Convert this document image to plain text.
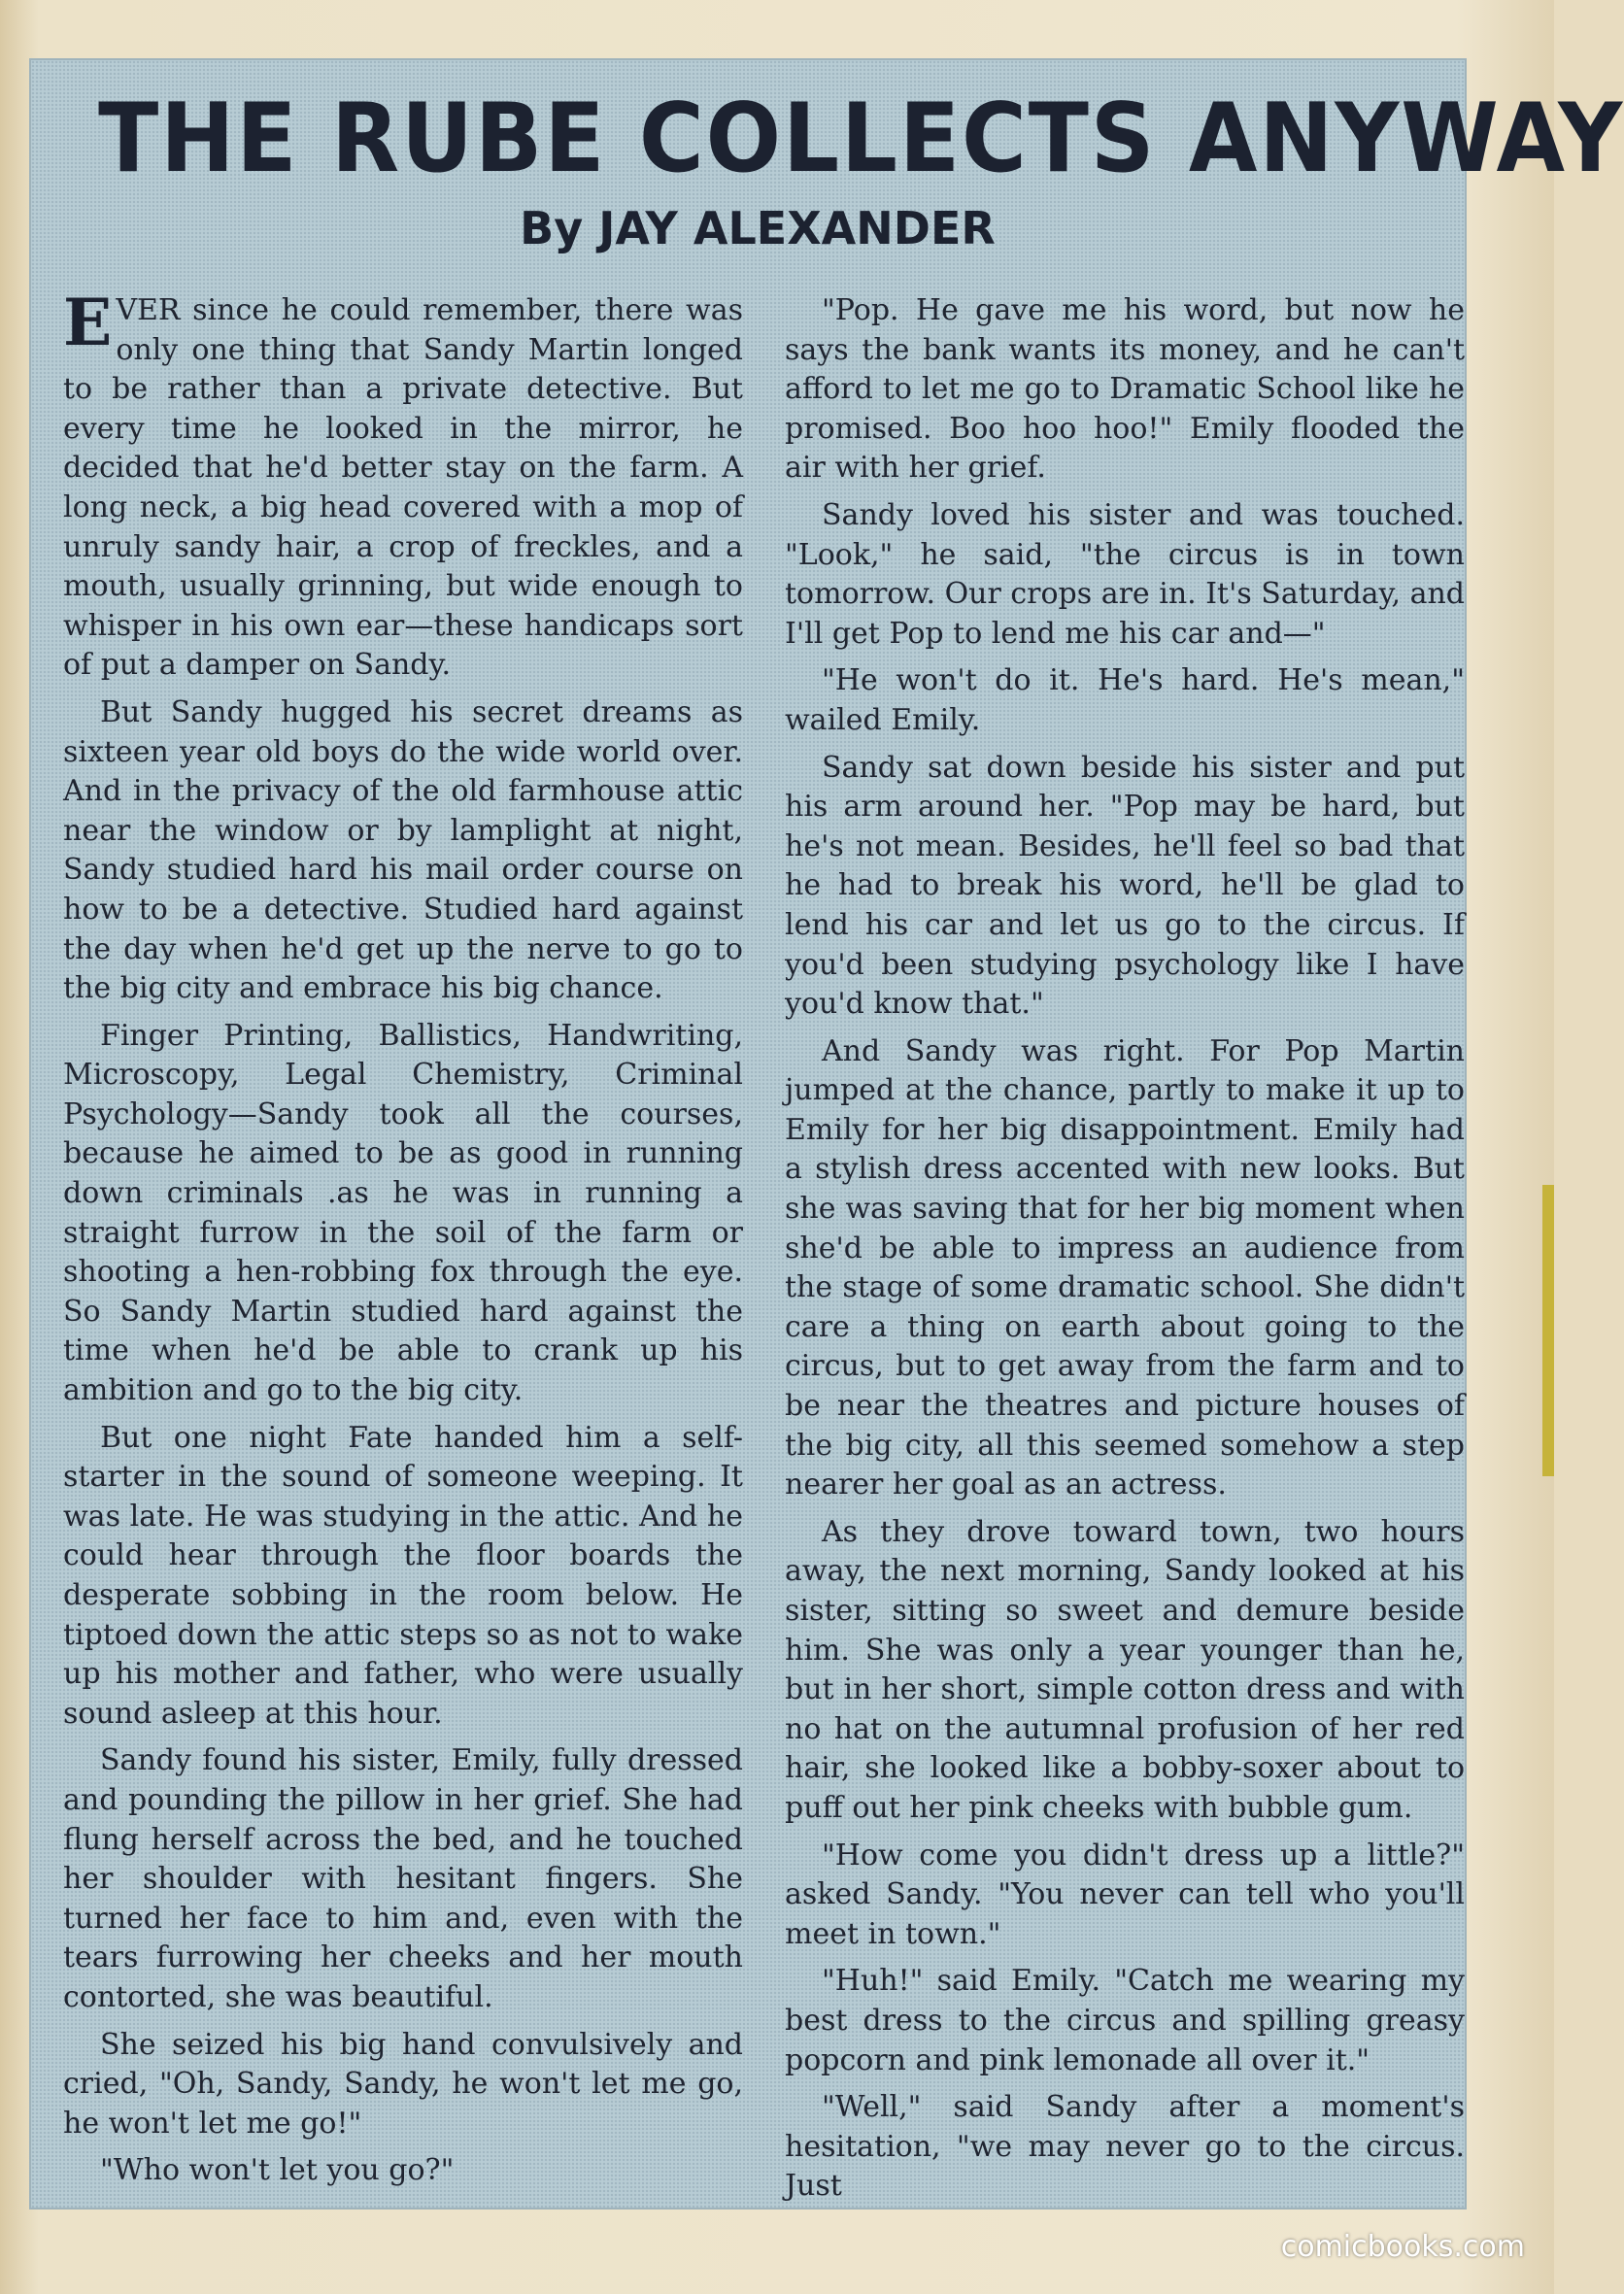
THE RUBE COLLECTS ANYWAY
By JAY ALEXANDER

EVER since he could remember, there was only one thing that Sandy Martin longed to be rather than a private detective. But every time he looked in the mirror, he decided that he'd better stay on the farm. A long neck, a big head covered with a mop of unruly sandy hair, a crop of freckles, and a mouth, usually grinning, but wide enough to whisper in his own ear—these handicaps sort of put a damper on Sandy.

But Sandy hugged his secret dreams as sixteen year old boys do the wide world over. And in the privacy of the old farmhouse attic near the window or by lamplight at night, Sandy studied hard his mail order course on how to be a detective. Studied hard against the day when he'd get up the nerve to go to the big city and embrace his big chance.

Finger Printing, Ballistics, Handwriting, Microscopy, Legal Chemistry, Criminal Psychology—Sandy took all the courses, because he aimed to be as good in running down criminals .as he was in running a straight furrow in the soil of the farm or shooting a hen-robbing fox through the eye. So Sandy Martin studied hard against the time when he'd be able to crank up his ambition and go to the big city.

But one night Fate handed him a self-starter in the sound of someone weeping. It was late. He was studying in the attic. And he could hear through the floor boards the desperate sobbing in the room below. He tiptoed down the attic steps so as not to wake up his mother and father, who were usually sound asleep at this hour.

Sandy found his sister, Emily, fully dressed and pounding the pillow in her grief. She had flung herself across the bed, and he touched her shoulder with hesitant fingers. She turned her face to him and, even with the tears furrowing her cheeks and her mouth contorted, she was beautiful.

She seized his big hand convulsively and cried, "Oh, Sandy, Sandy, he won't let me go, he won't let me go!"

"Who won't let you go?"

"Pop. He gave me his word, but now he says the bank wants its money, and he can't afford to let me go to Dramatic School like he promised. Boo hoo hoo!" Emily flooded the air with her grief.

Sandy loved his sister and was touched. "Look," he said, "the circus is in town tomorrow. Our crops are in. It's Saturday, and I'll get Pop to lend me his car and—"

"He won't do it. He's hard. He's mean," wailed Emily.

Sandy sat down beside his sister and put his arm around her. "Pop may be hard, but he's not mean. Besides, he'll feel so bad that he had to break his word, he'll be glad to lend his car and let us go to the circus. If you'd been studying psychology like I have you'd know that."

And Sandy was right. For Pop Martin jumped at the chance, partly to make it up to Emily for her big disappointment. Emily had a stylish dress accented with new looks. But she was saving that for her big moment when she'd be able to impress an audience from the stage of some dramatic school. She didn't care a thing on earth about going to the circus, but to get away from the farm and to be near the theatres and picture houses of the big city, all this seemed somehow a step nearer her goal as an actress.

As they drove toward town, two hours away, the next morning, Sandy looked at his sister, sitting so sweet and demure beside him. She was only a year younger than he, but in her short, simple cotton dress and with no hat on the autumnal profusion of her red hair, she looked like a bobby-soxer about to puff out her pink cheeks with bubble gum.

"How come you didn't dress up a little?" asked Sandy. "You never can tell who you'll meet in town."

"Huh!" said Emily. "Catch me wearing my best dress to the circus and spilling greasy popcorn and pink lemonade all over it."

"Well," said Sandy after a moment's hesitation, "we may never go to the circus. Just

comicbooks.com
